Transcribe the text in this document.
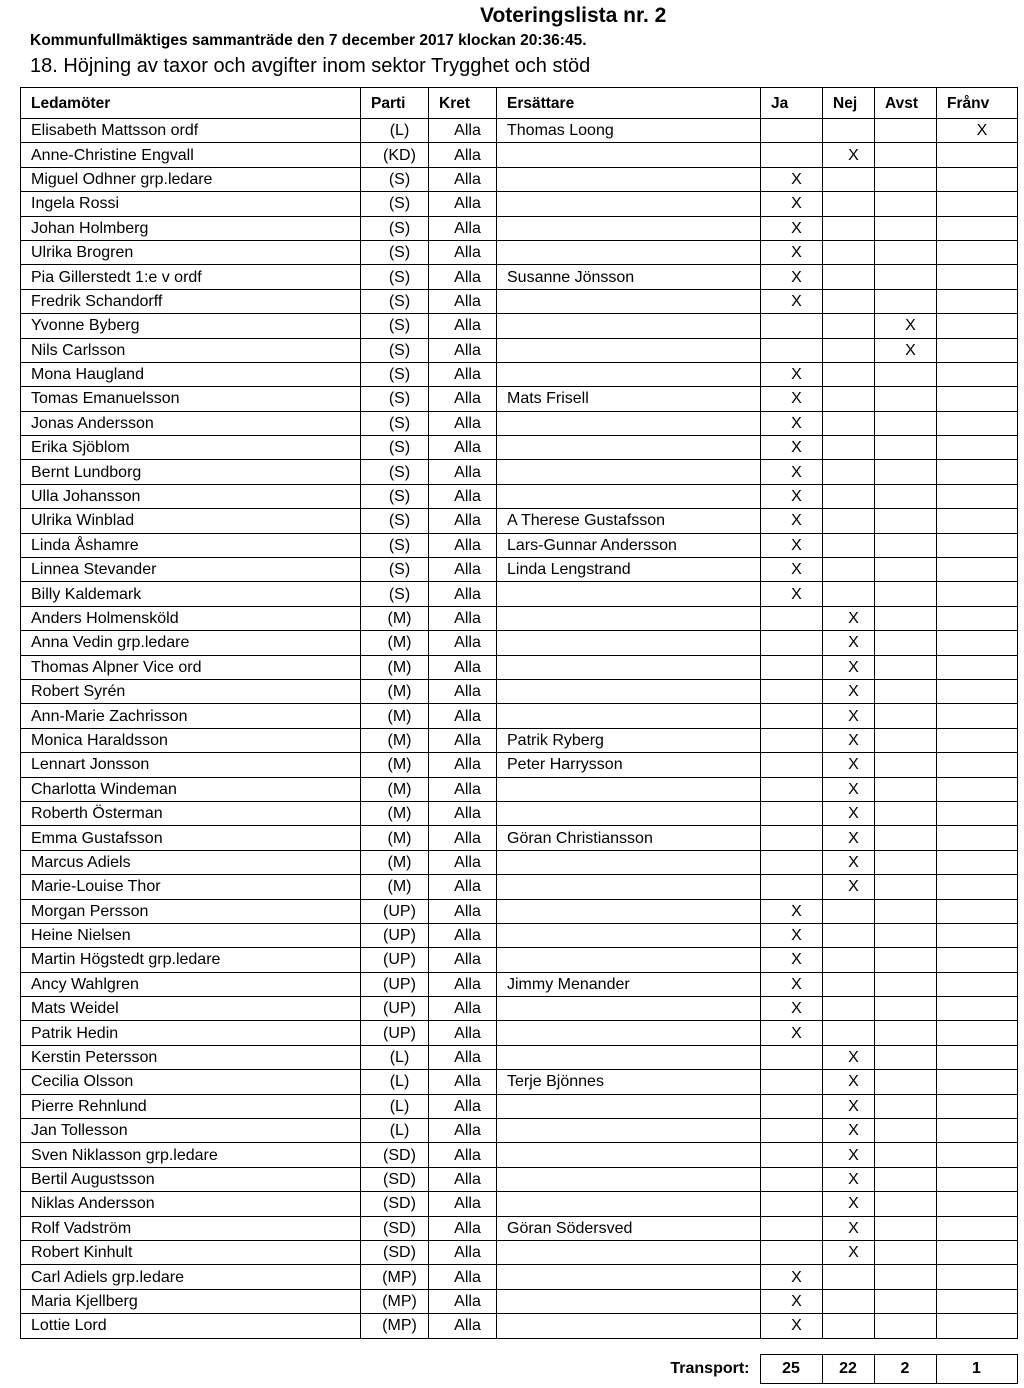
Voteringslista nr. 2
Kommunfullmäktiges sammanträde den 7 december 2017 klockan 20:36:45.
18. Höjning av taxor och avgifter inom sektor Trygghet och stöd
Ledamöter	Parti	Kret	Ersättare	Ja	Nej	Avst	Frånv
Elisabeth Mattsson ordf	(L)	Alla	Thomas Loong				X
Anne-Christine Engvall	(KD)	Alla			X		
Miguel Odhner grp.ledare	(S)	Alla		X			
Ingela Rossi	(S)	Alla		X			
Johan Holmberg	(S)	Alla		X			
Ulrika Brogren	(S)	Alla		X			
Pia Gillerstedt 1:e v ordf	(S)	Alla	Susanne Jönsson	X			
Fredrik Schandorff	(S)	Alla		X			
Yvonne Byberg	(S)	Alla				X	
Nils Carlsson	(S)	Alla				X	
Mona Haugland	(S)	Alla		X			
Tomas Emanuelsson	(S)	Alla	Mats Frisell	X			
Jonas Andersson	(S)	Alla		X			
Erika Sjöblom	(S)	Alla		X			
Bernt Lundborg	(S)	Alla		X			
Ulla Johansson	(S)	Alla		X			
Ulrika Winblad	(S)	Alla	A Therese Gustafsson	X			
Linda Åshamre	(S)	Alla	Lars-Gunnar Andersson	X			
Linnea Stevander	(S)	Alla	Linda Lengstrand	X			
Billy Kaldemark	(S)	Alla		X			
Anders Holmensköld	(M)	Alla			X		
Anna Vedin grp.ledare	(M)	Alla			X		
Thomas Alpner Vice ord	(M)	Alla			X		
Robert Syrén	(M)	Alla			X		
Ann-Marie Zachrisson	(M)	Alla			X		
Monica Haraldsson	(M)	Alla	Patrik Ryberg		X		
Lennart Jonsson	(M)	Alla	Peter Harrysson		X		
Charlotta Windeman	(M)	Alla			X		
Roberth Österman	(M)	Alla			X		
Emma Gustafsson	(M)	Alla	Göran Christiansson		X		
Marcus Adiels	(M)	Alla			X		
Marie-Louise Thor	(M)	Alla			X		
Morgan Persson	(UP)	Alla		X			
Heine Nielsen	(UP)	Alla		X			
Martin Högstedt grp.ledare	(UP)	Alla		X			
Ancy Wahlgren	(UP)	Alla	Jimmy Menander	X			
Mats Weidel	(UP)	Alla		X			
Patrik Hedin	(UP)	Alla		X			
Kerstin Petersson	(L)	Alla			X		
Cecilia Olsson	(L)	Alla	Terje Bjönnes		X		
Pierre Rehnlund	(L)	Alla			X		
Jan Tollesson	(L)	Alla			X		
Sven Niklasson grp.ledare	(SD)	Alla			X		
Bertil Augustsson	(SD)	Alla			X		
Niklas Andersson	(SD)	Alla			X		
Rolf Vadström	(SD)	Alla	Göran Södersved		X		
Robert Kinhult	(SD)	Alla			X		
Carl Adiels grp.ledare	(MP)	Alla		X			
Maria Kjellberg	(MP)	Alla		X			
Lottie Lord	(MP)	Alla		X			
Transport:	25	22	2	1
